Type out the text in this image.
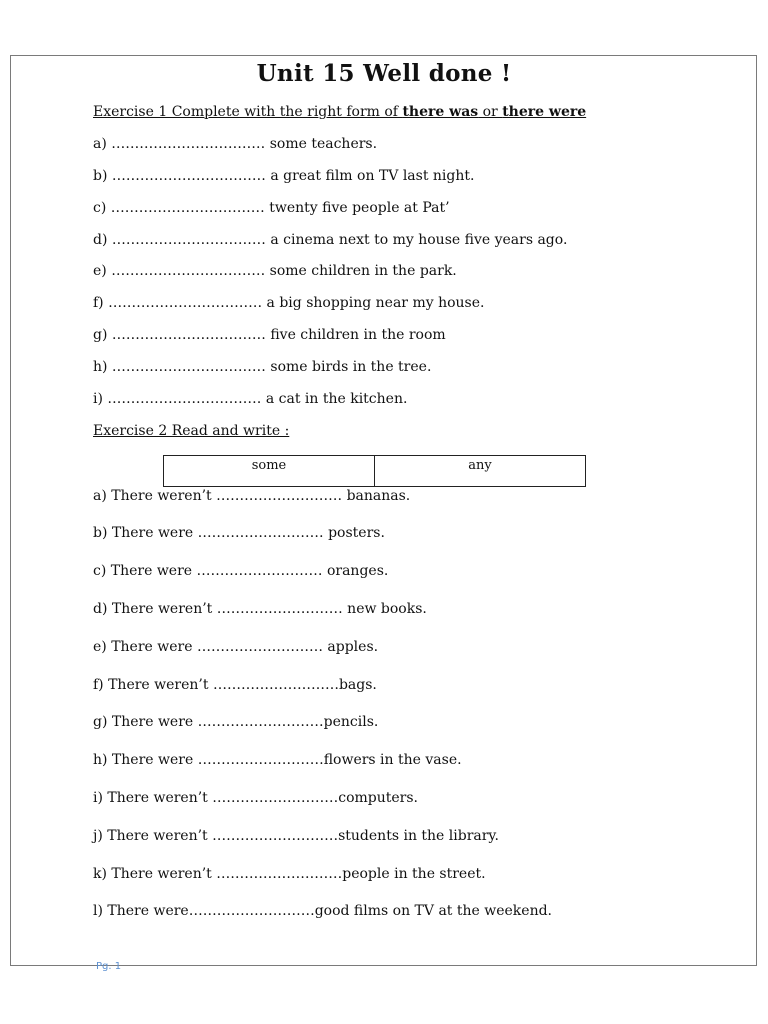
Unit 15 Well done !
Exercise 1 Complete with the right form of there was or there were
a) …………………………… some teachers.
b) …………………………… a great film on TV last night.
c) …………………………… twenty five people at Pat’
d) …………………………… a cinema next to my house five years ago.
e) …………………………… some children in the park.
f) …………………………… a big shopping near my house.
g) …………………………… five children in the room
h) …………………………… some birds in the tree.
i) …………………………… a cat in the kitchen.
Exercise 2 Read and write :
some	any
a) There weren’t ……………………… bananas.
b) There were ……………………… posters.
c) There were ……………………… oranges.
d) There weren’t ……………………… new books.
e) There were ……………………… apples.
f) There weren’t ………………………bags.
g) There were ………………………pencils.
h) There were ………………………flowers in the vase.
i) There weren’t ………………………computers.
j) There weren’t ………………………students in the library.
k) There weren’t ………………………people in the street.
l) There were………………………good films on TV at the weekend.
Pg. 1
